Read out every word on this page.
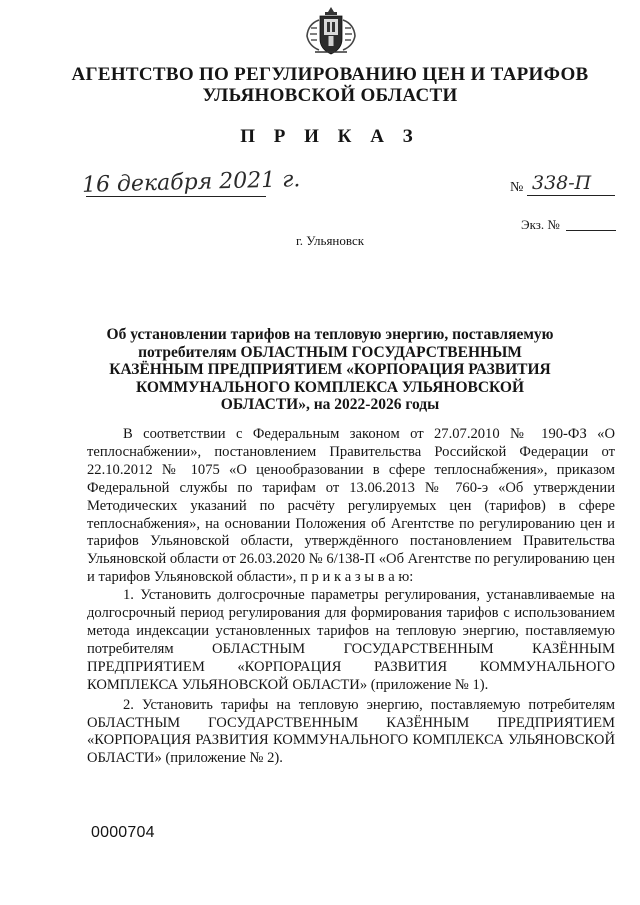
АГЕНТСТВО ПО РЕГУЛИРОВАНИЮ ЦЕН И ТАРИФОВ
УЛЬЯНОВСКОЙ ОБЛАСТИ
П Р И К А З
16 декабря 2021 г.	№ 338-П
Экз. №
г. Ульяновск
Об установлении тарифов на тепловую энергию, поставляемую потребителям ОБЛАСТНЫМ ГОСУДАРСТВЕННЫМ КАЗЁННЫМ ПРЕДПРИЯТИЕМ «КОРПОРАЦИЯ РАЗВИТИЯ КОММУНАЛЬНОГО КОМПЛЕКСА УЛЬЯНОВСКОЙ ОБЛАСТИ», на 2022-2026 годы

В соответствии с Федеральным законом от 27.07.2010 № 190-ФЗ «О теплоснабжении», постановлением Правительства Российской Федерации от 22.10.2012 № 1075 «О ценообразовании в сфере теплоснабжения», приказом Федеральной службы по тарифам от 13.06.2013 № 760-э «Об утверждении Методических указаний по расчёту регулируемых цен (тарифов) в сфере теплоснабжения», на основании Положения об Агентстве по регулированию цен и тарифов Ульяновской области, утверждённого постановлением Правительства Ульяновской области от 26.03.2020 № 6/138-П «Об Агентстве по регулированию цен и тарифов Ульяновской области», п р и к а з ы в а ю:

1. Установить долгосрочные параметры регулирования, устанавливаемые на долгосрочный период регулирования для формирования тарифов с использованием метода индексации установленных тарифов на тепловую энергию, поставляемую потребителям ОБЛАСТНЫМ ГОСУДАРСТВЕННЫМ КАЗЁННЫМ ПРЕДПРИЯТИЕМ «КОРПОРАЦИЯ РАЗВИТИЯ КОММУНАЛЬНОГО КОМПЛЕКСА УЛЬЯНОВСКОЙ ОБЛАСТИ» (приложение № 1).

2. Установить тарифы на тепловую энергию, поставляемую потребителям ОБЛАСТНЫМ ГОСУДАРСТВЕННЫМ КАЗЁННЫМ ПРЕДПРИЯТИЕМ «КОРПОРАЦИЯ РАЗВИТИЯ КОММУНАЛЬНОГО КОМПЛЕКСА УЛЬЯНОВСКОЙ ОБЛАСТИ» (приложение № 2).

0000704
